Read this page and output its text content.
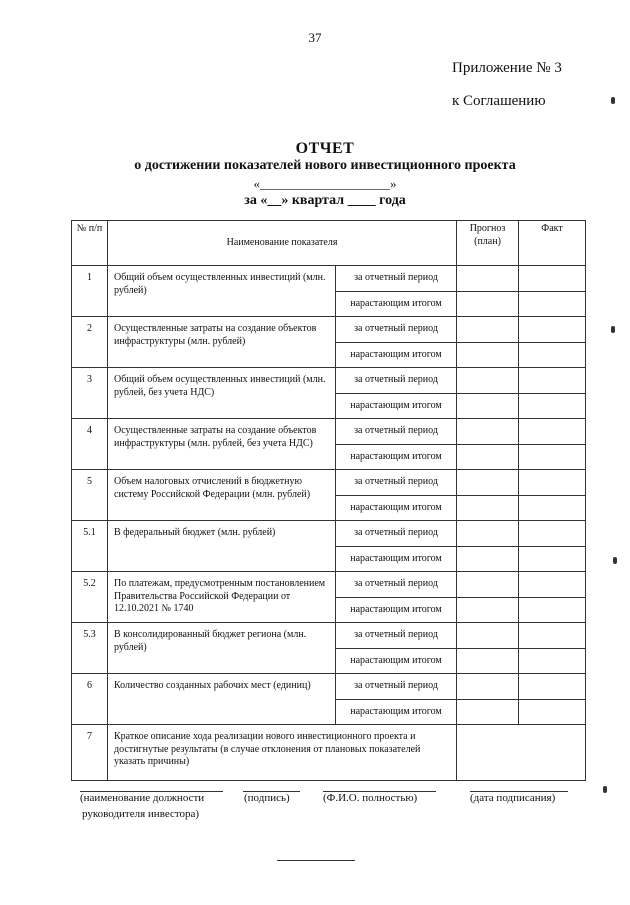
37
Приложение № 3
к Соглашению
ОТЧЕТ
о достижении показателей нового инвестиционного проекта
«____________________»
за «__» квартал ____ года
№ п/п	Наименование показателя		Прогноз (план)	Факт
1	Общий объем осуществленных инвестиций (млн. рублей)	за отчетный период		
		нарастающим итогом		
2	Осуществленные затраты на создание объектов инфраструктуры (млн. рублей)	за отчетный период		
		нарастающим итогом		
3	Общий объем осуществленных инвестиций (млн. рублей, без учета НДС)	за отчетный период		
		нарастающим итогом		
4	Осуществленные затраты на создание объектов инфраструктуры (млн. рублей, без учета НДС)	за отчетный период		
		нарастающим итогом		
5	Объем налоговых отчислений в бюджетную систему Российской Федерации (млн. рублей)	за отчетный период		
		нарастающим итогом		
5.1	В федеральный бюджет (млн. рублей)	за отчетный период		
		нарастающим итогом		
5.2	По платежам, предусмотренным постановлением Правительства Российской Федерации от 12.10.2021 № 1740	за отчетный период		
		нарастающим итогом		
5.3	В консолидированный бюджет региона (млн. рублей)	за отчетный период		
		нарастающим итогом		
6	Количество созданных рабочих мест (единиц)	за отчетный период		
		нарастающим итогом		
7	Краткое описание хода реализации нового инвестиционного проекта и достигнутые результаты (в случае отклонения от плановых показателей указать причины)			
(наименование должности
руководителя инвестора)
(подпись)	(Ф.И.О. полностью)	(дата подписания)
